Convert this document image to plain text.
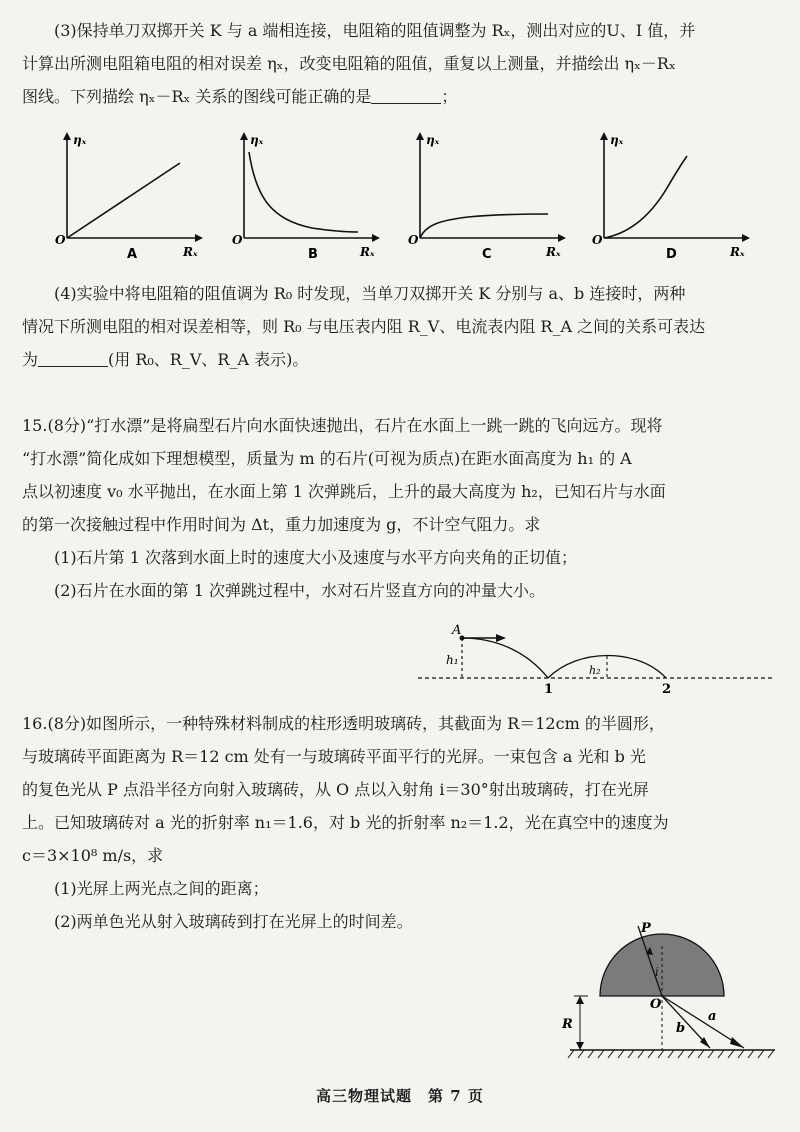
(3)保持单刀双掷开关 K 与 a 端相连接，电阻箱的阻值调整为 Rₓ，测出对应的U、I 值，并

计算出所测电阻箱电阻的相对误差 ηₓ，改变电阻箱的阻值，重复以上测量，并描绘出 ηₓ－Rₓ

图线。下列描绘 ηₓ－Rₓ 关系的图线可能正确的是	；

ηₓ
Rₓ
O
A
ηₓ
Rₓ
O
B
ηₓ
Rₓ
O
C
ηₓ
Rₓ
O
D

(4)实验中将电阻箱的阻值调为 R₀ 时发现，当单刀双掷开关 K 分别与 a、b 连接时，两种

情况下所测电阻的相对误差相等，则 R₀ 与电压表内阻 R_V、电流表内阻 R_A 之间的关系可表达

为	(用 R₀、R_V、R_A 表示)。

15.(8分)“打水漂”是将扁型石片向水面快速抛出，石片在水面上一跳一跳的飞向远方。现将

“打水漂”简化成如下理想模型，质量为 m 的石片(可视为质点)在距水面高度为 h₁ 的 A

点以初速度 v₀ 水平抛出，在水面上第 1 次弹跳后，上升的最大高度为 h₂，已知石片与水面

的第一次接触过程中作用时间为 Δt，重力加速度为 g，不计空气阻力。求

(1)石片第 1 次落到水面上时的速度大小及速度与水平方向夹角的正切值；

(2)石片在水面的第 1 次弹跳过程中，水对石片竖直方向的冲量大小。

A
h₁
h₂
1	2

16.(8分)如图所示，一种特殊材料制成的柱形透明玻璃砖，其截面为 R＝12cm 的半圆形，

与玻璃砖平面距离为 R＝12 cm 处有一与玻璃砖平面平行的光屏。一束包含 a 光和 b 光

的复色光从 P 点沿半径方向射入玻璃砖，从 O 点以入射角 i＝30°射出玻璃砖，打在光屏

上。已知玻璃砖对 a 光的折射率 n₁＝1.6，对 b 光的折射率 n₂＝1.2，光在真空中的速度为

c＝3×10⁸ m/s，求

(1)光屏上两光点之间的距离；

(2)两单色光从射入玻璃砖到打在光屏上的时间差。	P
i
O
R
a
b
高三物理试题　第 7 页
